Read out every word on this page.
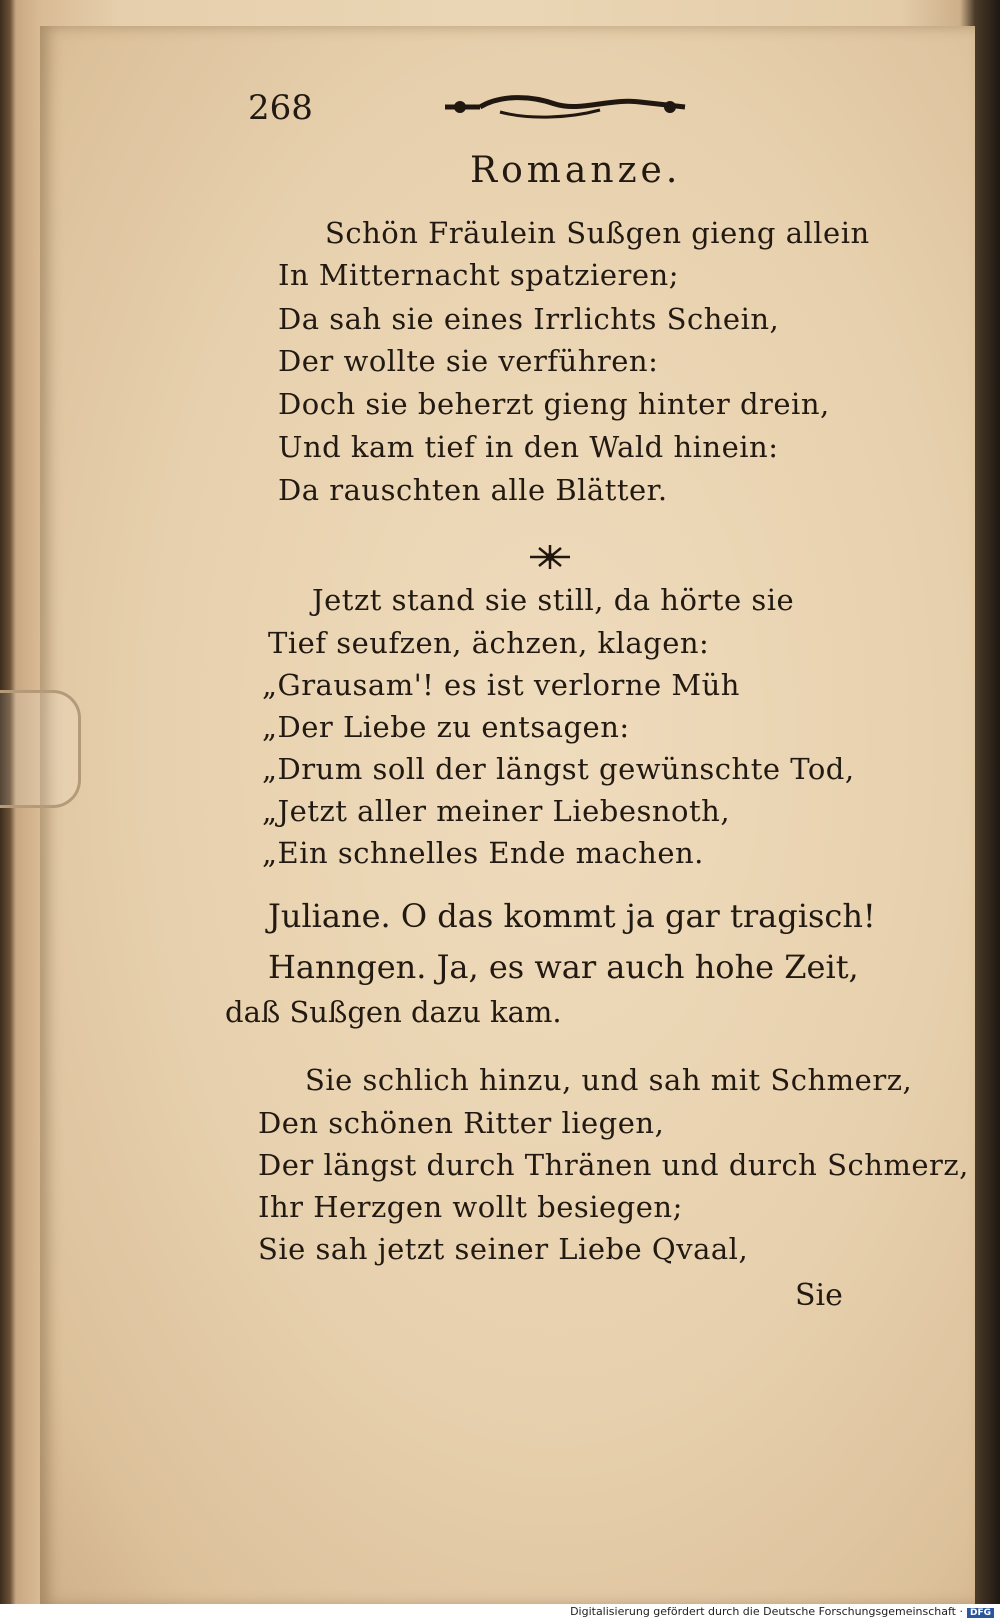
268
Romanze.
Schön Fräulein Sußgen gieng allein
In Mitternacht spatzieren;
Da sah sie eines Irrlichts Schein,
Der wollte sie verführen:
Doch sie beherzt gieng hinter drein,
Und kam tief in den Wald hinein:
Da rauschten alle Blätter.
Jetzt stand sie still, da hörte sie
Tief seufzen, ächzen, klagen:
„Grausam'! es ist verlorne Müh
„Der Liebe zu entsagen:
„Drum soll der längst gewünschte Tod,
„Jetzt aller meiner Liebesnoth,
„Ein schnelles Ende machen.
Juliane. O das kommt ja gar tragisch!
Hanngen. Ja, es war auch hohe Zeit,
daß Sußgen dazu kam.
Sie schlich hinzu, und sah mit Schmerz,
Den schönen Ritter liegen,
Der längst durch Thränen und durch Schmerz,
Ihr Herzgen wollt besiegen;
Sie sah jetzt seiner Liebe Qvaal,
Sie
Digitalisierung gefördert durch die Deutsche Forschungsgemeinschaft · DFG
